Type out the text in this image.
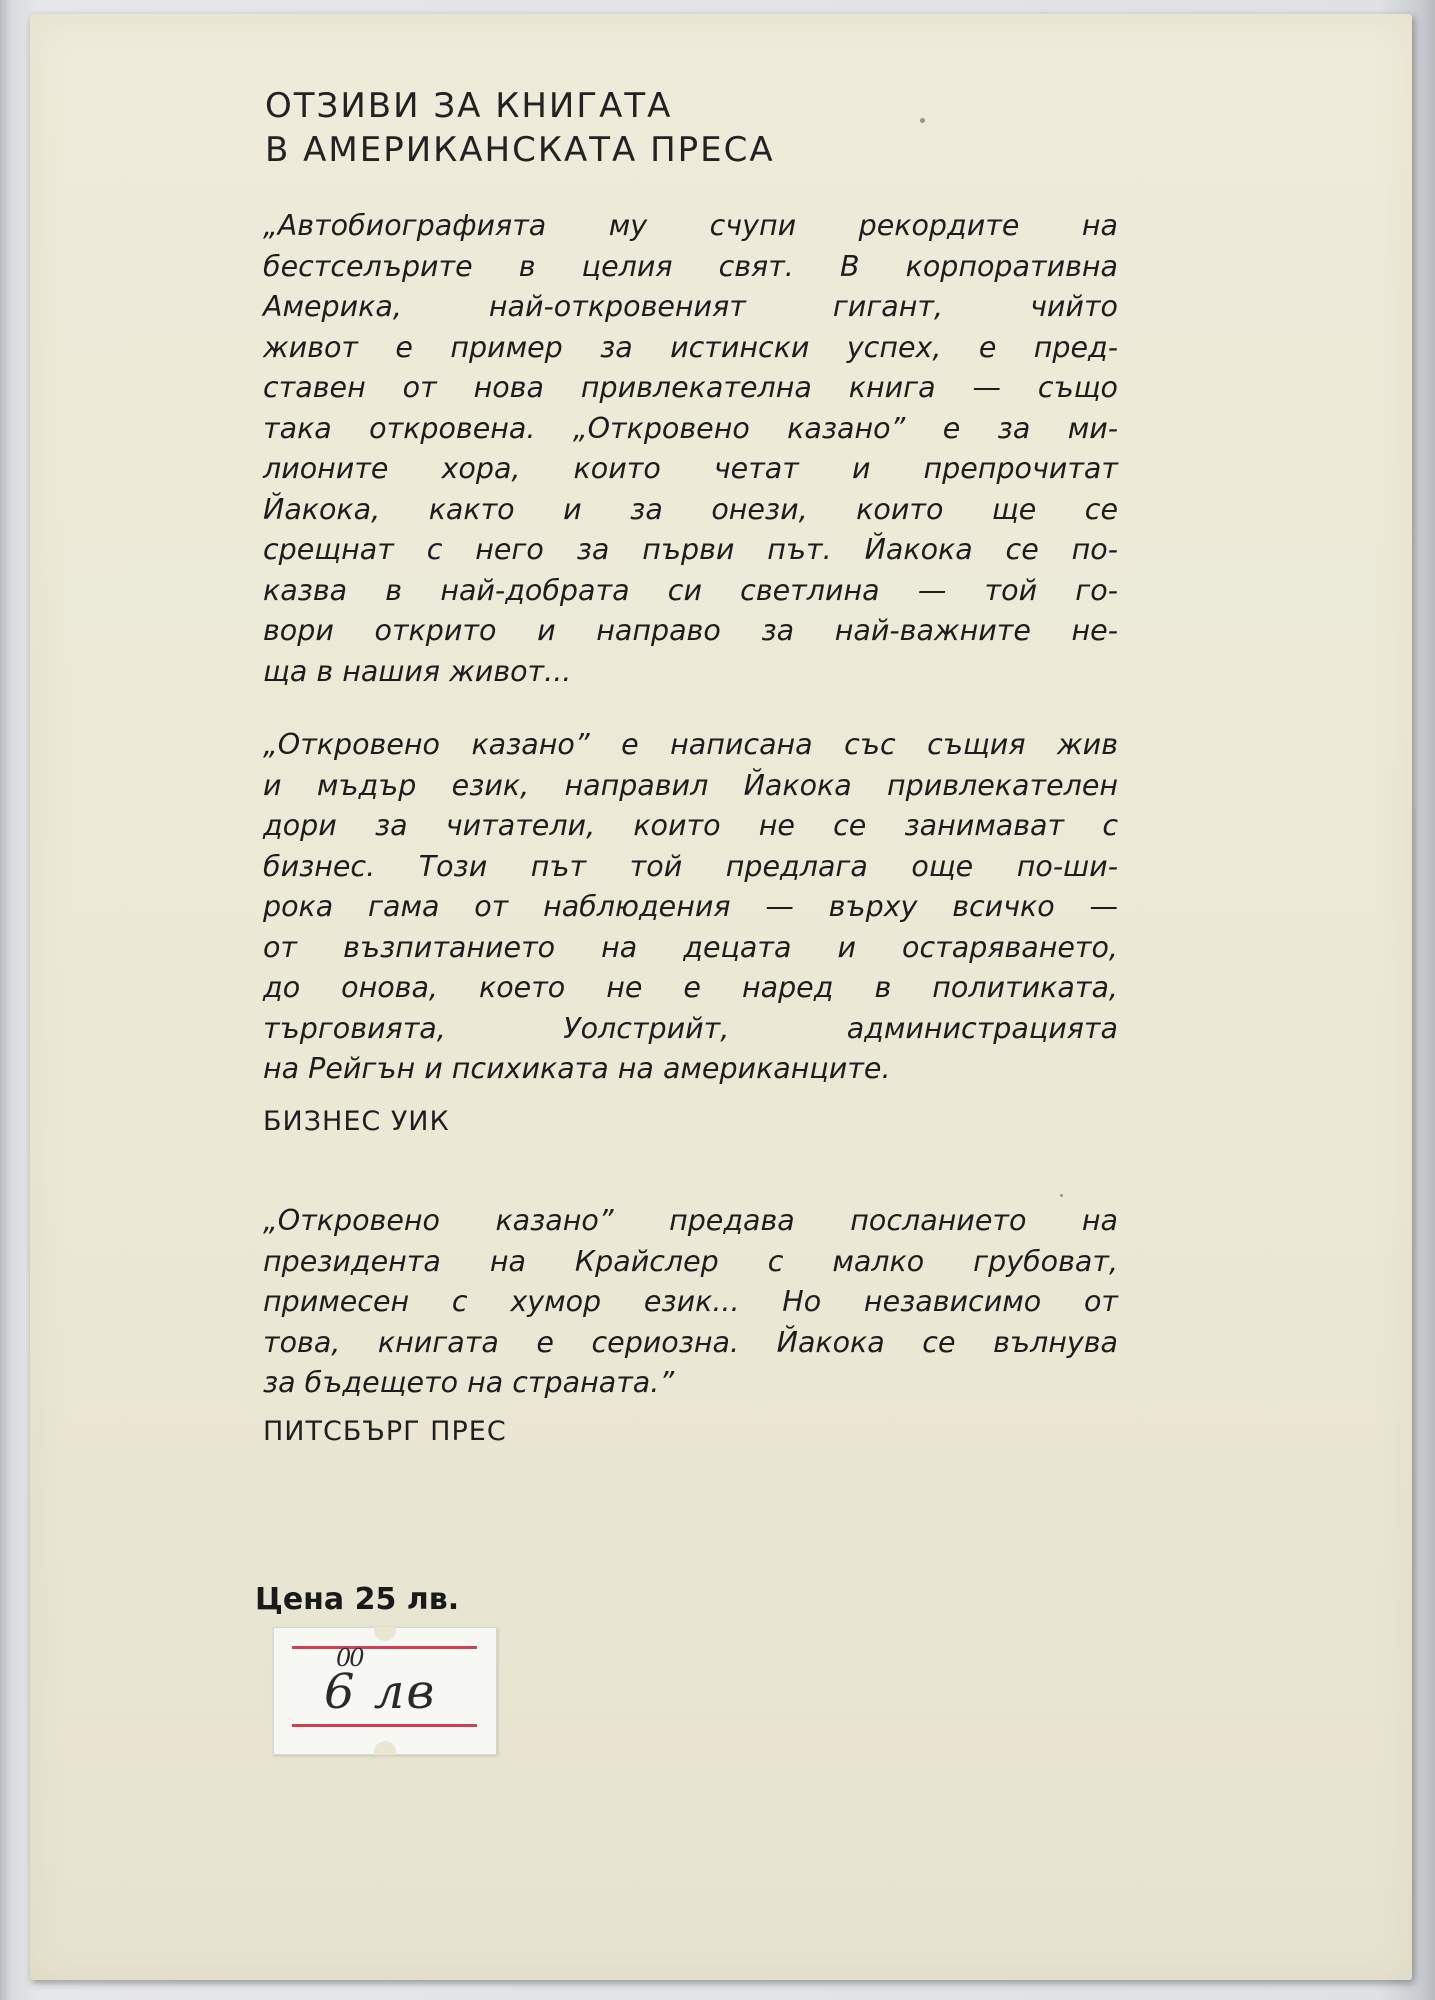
ОТЗИВИ ЗА КНИГАТА
В АМЕРИКАНСКАТА ПРЕСА
„Автобиографията му счупи рекордите на
бестселърите в целия свят. В корпоративна
Америка, най-откровеният гигант, чийто
живот е пример за истински успех, е пред-
ставен от нова привлекателна книга — също
така откровена. „Откровено казано” е за ми-
лионите хора, които четат и препрочитат
Йакока, както и за онези, които ще се
срещнат с него за първи път. Йакока се по-
казва в най-добрата си светлина — той го-
вори открито и направо за най-важните не-
ща в нашия живот...
„Откровено казано” е написана със същия жив
и мъдър език, направил Йакока привлекателен
дори за читатели, които не се занимават с
бизнес. Този път той предлага още по-ши-
рока гама от наблюдения — върху всичко —
от възпитанието на децата и остаряването,
до онова, което не е наред в политиката,
търговията, Уолстрийт, администрацията
на Рейгън и психиката на американците.
БИЗНЕС УИК
„Откровено казано” предава посланието на
президента на Крайслер с малко грубоват,
примесен с хумор език... Но независимо от
това, книгата е сериозна. Йакока се вълнува
за бъдещето на страната.”
ПИТСБЪРГ ПРЕС
Цена 25 лв.
00
6 лв
